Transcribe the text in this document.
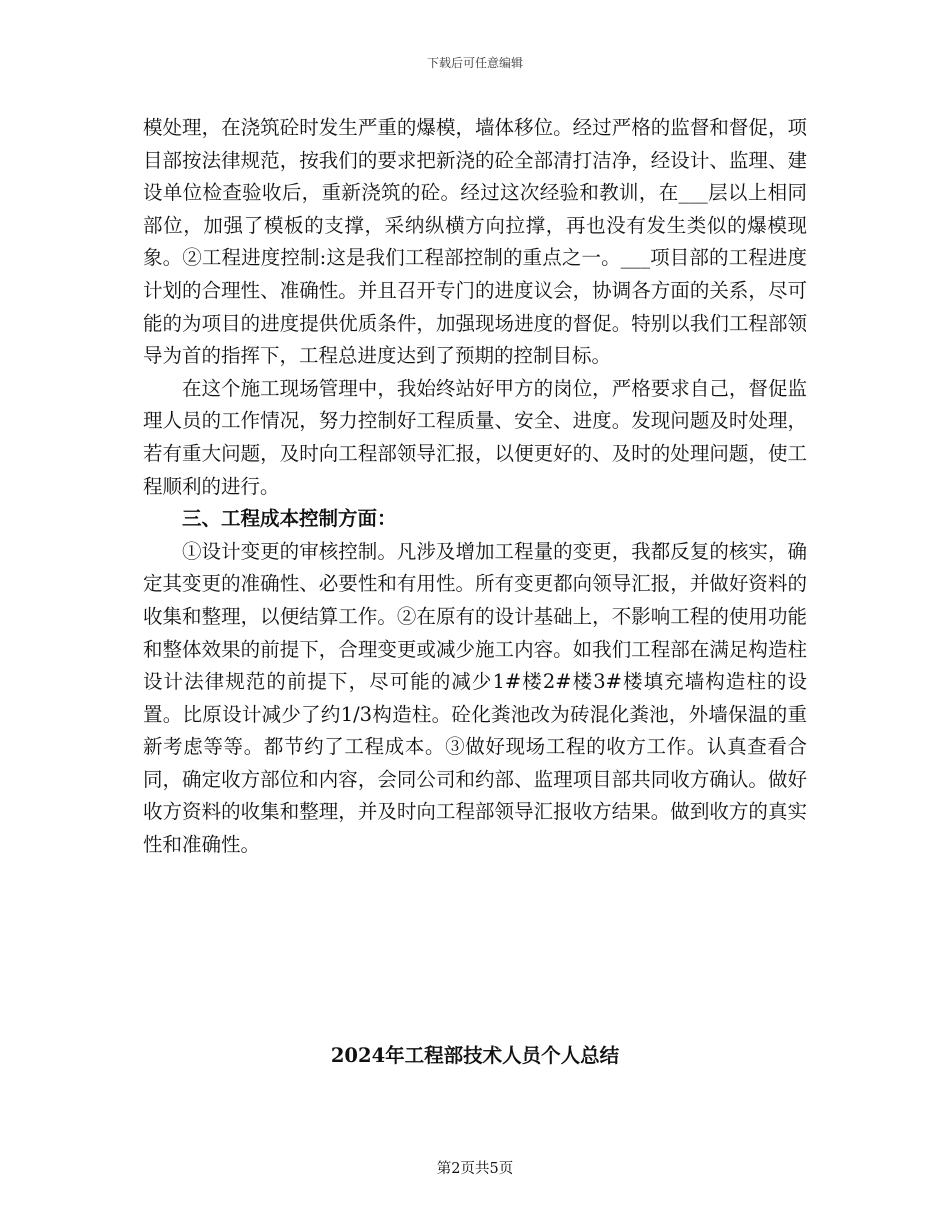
下载后可任意编辑

模处理，在浇筑砼时发生严重的爆模，墙体移位。经过严格的监督和督促，项目部按法律规范，按我们的要求把新浇的砼全部清打洁净，经设计、监理、建设单位检查验收后，重新浇筑的砼。经过这次经验和教训，在___层以上相同部位，加强了模板的支撑，采纳纵横方向拉撑，再也没有发生类似的爆模现象。②工程进度控制:这是我们工程部控制的重点之一。___项目部的工程进度计划的合理性、准确性。并且召开专门的进度议会，协调各方面的关系，尽可能的为项目的进度提供优质条件，加强现场进度的督促。特别以我们工程部领导为首的指挥下，工程总进度达到了预期的控制目标。

在这个施工现场管理中，我始终站好甲方的岗位，严格要求自己，督促监理人员的工作情况，努力控制好工程质量、安全、进度。发现问题及时处理，若有重大问题，及时向工程部领导汇报，以便更好的、及时的处理问题，使工程顺利的进行。

三、工程成本控制方面：

①设计变更的审核控制。凡涉及增加工程量的变更，我都反复的核实，确定其变更的准确性、必要性和有用性。所有变更都向领导汇报，并做好资料的收集和整理，以便结算工作。②在原有的设计基础上，不影响工程的使用功能和整体效果的前提下，合理变更或减少施工内容。如我们工程部在满足构造柱设计法律规范的前提下，尽可能的减少1#楼2#楼3#楼填充墙构造柱的设置。比原设计减少了约1/3构造柱。砼化粪池改为砖混化粪池，外墙保温的重新考虑等等。都节约了工程成本。③做好现场工程的收方工作。认真查看合同，确定收方部位和内容，会同公司和约部、监理项目部共同收方确认。做好收方资料的收集和整理，并及时向工程部领导汇报收方结果。做到收方的真实性和准确性。

2024年工程部技术人员个人总结
第2页共5页
